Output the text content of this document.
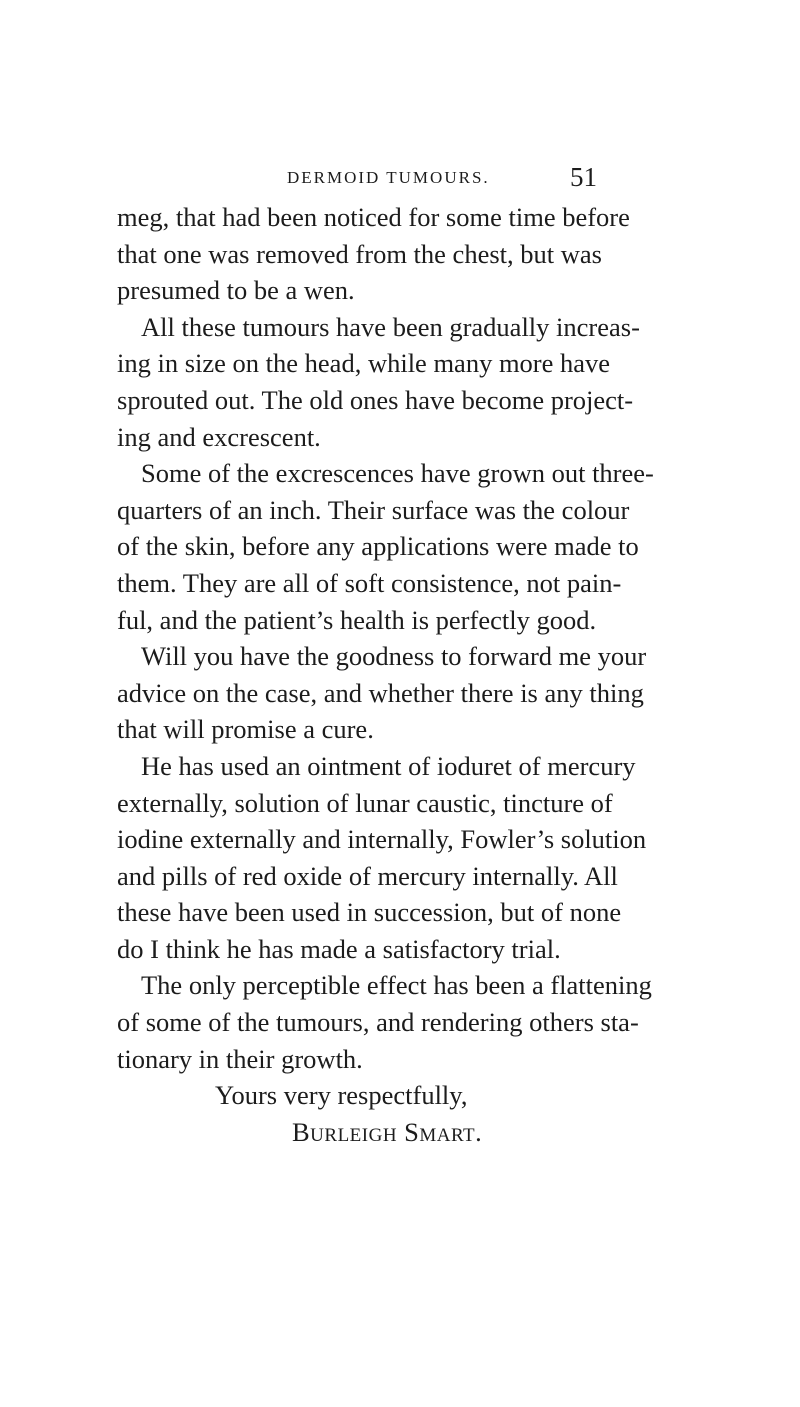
DERMOID TUMOURS.	51
meg, that had been noticed for some time before
that one was removed from the chest, but was
presumed to be a wen.
All these tumours have been gradually increas-
ing in size on the head, while many more have
sprouted out. The old ones have become project-
ing and excrescent.
Some of the excrescences have grown out three-
quarters of an inch. Their surface was the colour
of the skin, before any applications were made to
them. They are all of soft consistence, not pain-
ful, and the patient’s health is perfectly good.
Will you have the goodness to forward me your
advice on the case, and whether there is any thing
that will promise a cure.
He has used an ointment of ioduret of mercury
externally, solution of lunar caustic, tincture of
iodine externally and internally, Fowler’s solution
and pills of red oxide of mercury internally. All
these have been used in succession, but of none
do I think he has made a satisfactory trial.
The only perceptible effect has been a flattening
of some of the tumours, and rendering others sta-
tionary in their growth.
Yours very respectfully,
Burleigh Smart.
